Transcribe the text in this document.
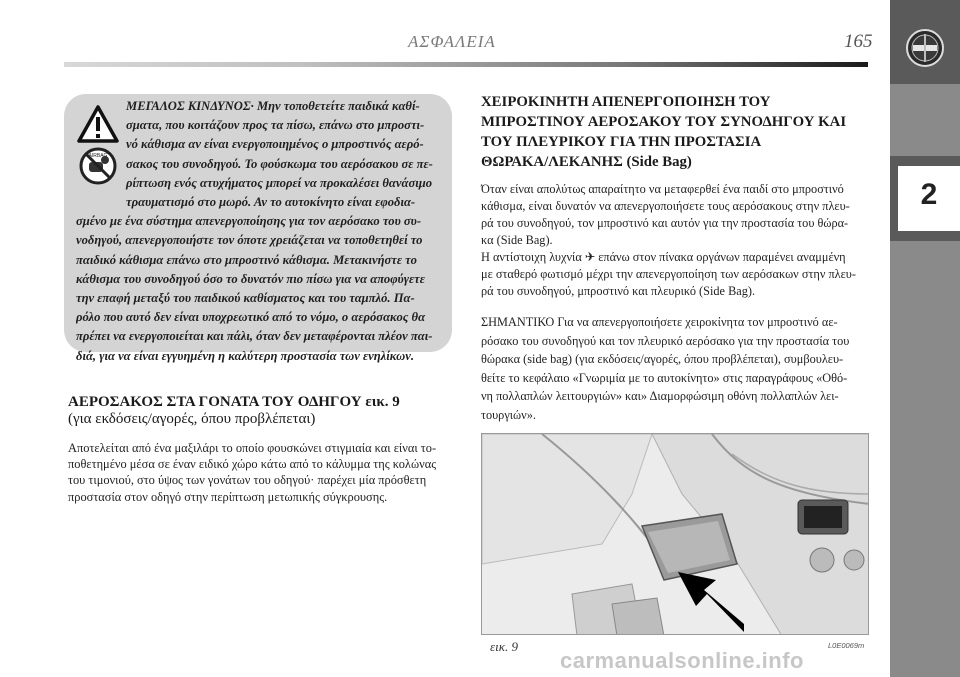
ΑΣΦΑΛΕΙΑ	165
2
AIRBAG
ΜΕΓΑΛΟΣ ΚΙΝΔΥΝΟΣ· Μην τοποθετείτε παιδικά καθί-
σματα, που κοιτάζουν προς τα πίσω, επάνω στο μπροστι-
νό κάθισμα αν είναι ενεργοποιημένος ο μπροστινός αερό-
σακος του συνοδηγού. Το φούσκωμα του αερόσακου σε πε-
ρίπτωση ενός ατυχήματος μπορεί να προκαλέσει θανάσιμο
τραυματισμό στο μωρό. Αν το αυτοκίνητο είναι εφοδια-
σμένο με ένα σύστημα απενεργοποίησης για τον αερόσακο του συ-
νοδηγού, απενεργοποιήστε τον όποτε χρειάζεται να τοποθετηθεί το
παιδικό κάθισμα επάνω στο μπροστινό κάθισμα. Μετακινήστε το
κάθισμα του συνοδηγού όσο το δυνατόν πιο πίσω για να αποφύγετε
την επαφή μεταξύ του παιδικού καθίσματος και του ταμπλό. Πα-
ρόλο που αυτό δεν είναι υποχρεωτικό από το νόμο, ο αερόσακος θα
πρέπει να ενεργοποιείται και πάλι, όταν δεν μεταφέρονται πλέον παι-
διά, για να είναι εγγυημένη η καλύτερη προστασία των ενηλίκων.
ΑΕΡΟΣΑΚΟΣ ΣΤΑ ΓΟΝΑΤΑ ΤΟΥ ΟΔΗΓΟΥ εικ. 9
(για εκδόσεις/αγορές, όπου προβλέπεται)
Αποτελείται από ένα μαξιλάρι το οποίο φουσκώνει στιγμιαία και είναι το-
ποθετημένο μέσα σε έναν ειδικό χώρο κάτω από το κάλυμμα της κολώνας
του τιμονιού, στο ύψος των γονάτων του οδηγού· παρέχει μία πρόσθετη
προστασία στον οδηγό στην περίπτωση μετωπικής σύγκρουσης.
ΧΕΙΡΟΚΙΝΗΤΗ ΑΠΕΝΕΡΓΟΠΟΙΗΣΗ ΤΟΥ
ΜΠΡΟΣΤΙΝΟΥ ΑΕΡΟΣΑΚΟΥ ΤΟΥ ΣΥΝΟΔΗΓΟΥ ΚΑΙ
ΤΟΥ ΠΛΕΥΡΙΚΟΥ ΓΙΑ ΤΗΝ ΠΡΟΣΤΑΣΙΑ
ΘΩΡΑΚΑ/ΛΕΚΑΝΗΣ (Side Bag)
Όταν είναι απολύτως απαραίτητο να μεταφερθεί ένα παιδί στο μπροστινό
κάθισμα, είναι δυνατόν να απενεργοποιήσετε τους αερόσακους στην πλευ-
ρά του συνοδηγού, τον μπροστινό και αυτόν για την προστασία του θώρα-
κα (Side Bag).
Η αντίστοιχη λυχνία ✈ επάνω στον πίνακα οργάνων παραμένει αναμμένη
με σταθερό φωτισμό μέχρι την απενεργοποίηση των αερόσακων στην πλευ-
ρά του συνοδηγού, μπροστινό και πλευρικό (Side Bag).
ΣΗΜΑΝΤΙΚΟ Για να απενεργοποιήσετε χειροκίνητα τον μπροστινό αε-
ρόσακο του συνοδηγού και τον πλευρικό αερόσακο για την προστασία του
θώρακα (side bag) (για εκδόσεις/αγορές, όπου προβλέπεται), συμβουλευ-
θείτε το κεφάλαιο «Γνωριμία με το αυτοκίνητο» στις παραγράφους «Οθό-
νη πολλαπλών λειτουργιών» και» Διαμορφώσιμη οθόνη πολλαπλών λει-
τουργιών».
εικ. 9	L0E0069m
carmanualsonline.info
